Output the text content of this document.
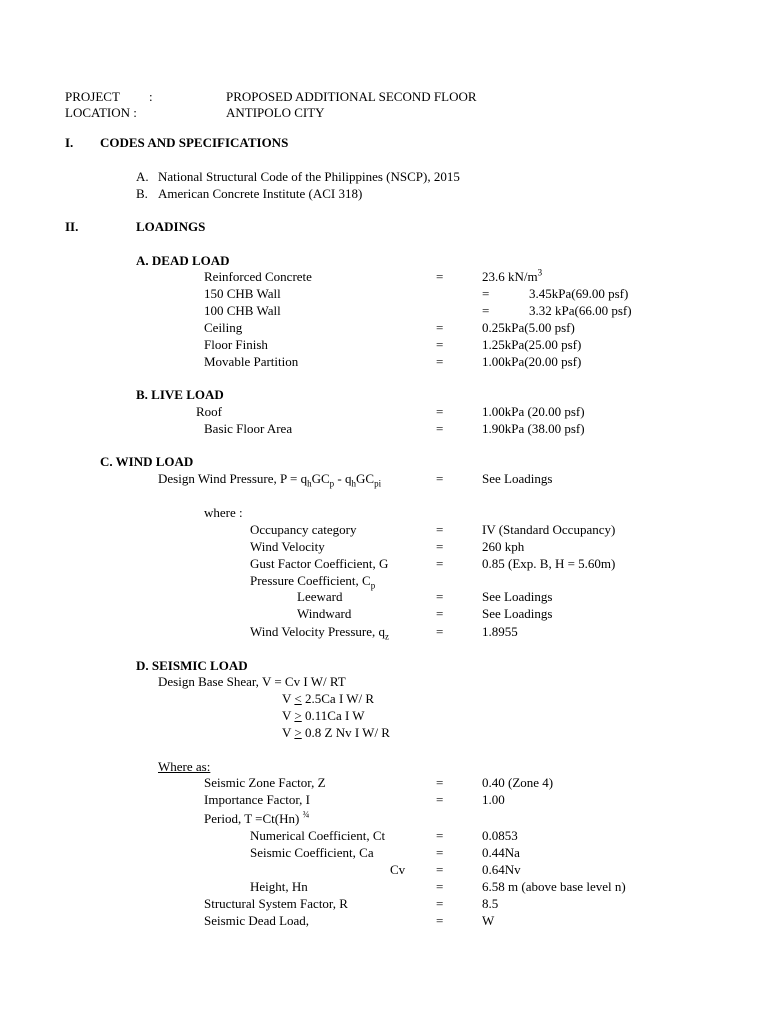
PROJECT :	PROPOSED ADDITIONAL SECOND FLOOR
LOCATION :	ANTIPOLO CITY
I. CODES AND SPECIFICATIONS
A. National Structural Code of the Philippines (NSCP), 2015
B. American Concrete Institute (ACI 318)
II.	LOADINGS
A. DEAD LOAD
Reinforced Concrete	=	23.6 $kN/m^3$
150 CHB Wall	=	3.45kPa(69.00 psf)
100 CHB Wall	=	3.32 kPa(66.00 psf)
Ceiling	=	0.25kPa(5.00 psf)
Floor Finish	=	1.25kPa(25.00 psf)
Movable Partition	=	1.00kPa(20.00 psf)
B. LIVE LOAD
Roof	=	1.00kPa (20.00 psf)
Basic Floor Area	=	1.90kPa (38.00 psf)
C. WIND LOAD
Design Wind Pressure, $P = q_hGC_p - q_hGC_{pi}$	=	See Loadings
where :
Occupancy category	=	IV (Standard Occupancy)
Wind Velocity	=	260 kph
Gust Factor Coefficient, G	=	0.85 (Exp. B, H = 5.60m)
Pressure Coefficient, $C_p$
Leeward	=	See Loadings
Windward	=	See Loadings
Wind Velocity Pressure, $q_z$	=	1.8955
D. SEISMIC LOAD
Design Base Shear, V = Cv I W/ RT
V < 2.5Ca I W/ R
V > 0.11Ca I W
V > 0.8 Z Nv I W/ R
Where as:
Seismic Zone Factor, Z	=	0.40 (Zone 4)
Importance Factor, I	=	1.00
Period, T =Ct(Hn) $^{\frac{3}{4}}$
Numerical Coefficient, Ct	=	0.0853
Seismic Coefficient, Ca	=	0.44Na
Cv =	0.64Nv
Height, Hn	=	6.58 m (above base level n)
Structural System Factor, R	=	8.5
Seismic Dead Load,	=	W
